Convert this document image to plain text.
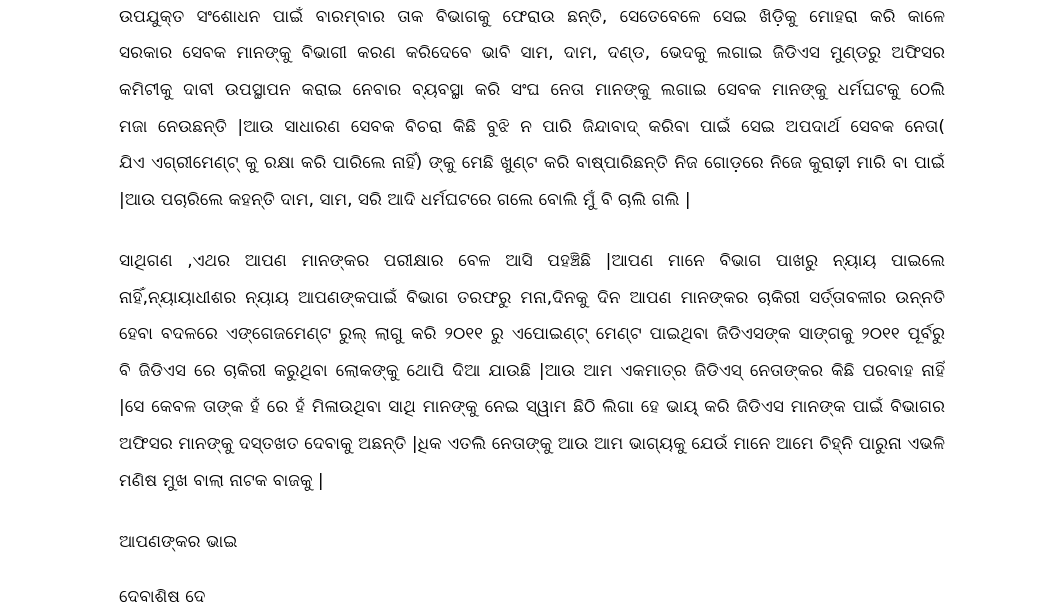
ଉପଯୁକ୍ତ ସଂଶୋଧନ ପାଇଁ ବାରମ୍ବାର ତାକ ବିଭାଗକୁ ଫେରାଉ ଛନ୍ତି, ସେତେବେଳେ ସେଇ ଖିଡ଼ିକୁ ମୋହରା କରି କାଳେ
ସରକାର ସେବକ ମାନଙ୍କୁ ବିଭାଗୀ କରଣ କରିଦେବେ ଭାବି ସାମ, ଦାମ, ଦଣ୍ଡ, ଭେଦକୁ ଲଗାଇ ଜିଡିଏସ ମୁଣ୍ଡରୁ ଅଫିସର
କମିଟୀକୁ ଦାବୀ ଉପସ୍ଥାପନ କରାଇ ନେବାର ବ୍ୟବସ୍ଥା କରି ସଂଘ ନେତା ମାନଙ୍କୁ ଲଗାଇ ସେବକ ମାନଙ୍କୁ ଧର୍ମଘଟକୁ ଠେଲି
ମଜା ନେଉଛନ୍ତି |ଆଉ ସାଧାରଣ ସେବକ ବିଚରା କିଛି ବୁଝି ନ ପାରି ଜିନ୍ଦାବାଦ୍ କରିବା ପାଇଁ ସେଇ ଅପଦାର୍ଥ ସେବକ ନେତା(
ଯିଏ ଏଗ୍ରୀମେଣ୍ଟ୍ କୁ ରକ୍ଷା କରି ପାରିଲେ ନାହିଁ) ଙ୍କୁ ମେଛି ଖୁଣ୍ଟ କରି ବାଷ୍ପାରିଛନ୍ତି ନିଜ ଗୋଡ଼ରେ ନିଜେ କୁରାଢ଼ୀ ମାରି ବା ପାଇଁ
|ଆଉ ପଚାରିଲେ କହନ୍ତି ଦାମ, ସାମ, ସରି ଆଦି ଧର୍ମଘଟରେ ଗଲେ ବୋଲି ମୁଁ ବି ଚାଲି ଗଲି |
ସାଥିଗଣ ,ଏଥର ଆପଣ ମାନଙ୍କର ପରୀକ୍ଷାର ବେଳ ଆସି ପହଞ୍ଚିଛି |ଆପଣ ମାନେ ବିଭାଗ ପାଖରୁ ନ୍ୟାୟ ପାଇଲେ
ନାହିଁ,ନ୍ୟାୟାଧୀଶର ନ୍ୟାୟ ଆପଣଙ୍କପାଇଁ ବିଭାଗ ତରଫରୁ ମନା,ଦିନକୁ ଦିନ ଆପଣ ମାନଙ୍କର ଚାକିରୀ ସର୍ତ୍ତାବଳୀର ଉନ୍ନତି
ହେବା ବଦଳରେ ଏଙ୍ଗେଜମେଣ୍ଟ ରୁଲ୍ ଲାଗୁ କରି ୨୦୧୧ ରୁ ଏପୋଇଣ୍ଟ୍ ମେଣ୍ଟ ପାଇଥିବା ଜିଡିଏସଙ୍କ ସାଙ୍ଗକୁ ୨୦୧୧ ପୂର୍ବରୁ
ବି ଜିଡିଏସ ରେ ଚାକିରୀ କରୁଥିବା ଲୋକଙ୍କୁ ଥୋପି ଦିଆ ଯାଉଛି |ଆଉ ଆମ ଏକମାତ୍ର ଜିଡିଏସ୍ ନେତାଙ୍କର କିଛି ପରବାହ ନାହିଁ
|ସେ କେବଳ ତାଙ୍କ ହଁ ରେ ହଁ ମିଳାଉଥିବା ସାଥି ମାନଙ୍କୁ ନେଇ ସ୍ୱାମ ଛିଠି ଲିଗା ହେ ଭାୟ୍ କରି ଜିଡିଏସ ମାନଙ୍କ ପାଇଁ ବିଭାଗର
ଅଫିସର ମାନଙ୍କୁ ଦସ୍ତଖତ ଦେବାକୁ ଅଛନ୍ତି |ଧିକ ଏତଲି ନେତାଙ୍କୁ ଆଉ ଆମ ଭାଗ୍ୟକୁ ଯେଉଁ ମାନେ ଆମେ ଚିହ୍ନି ପାରୁନା ଏଭଳି
ମଣିଷ ମୁଖ ବାଲା ନାଟକ ବାଜକୁ |
ଆପଣଙ୍କର ଭାଇ
ଦେବାଶିଷ ଦେ
